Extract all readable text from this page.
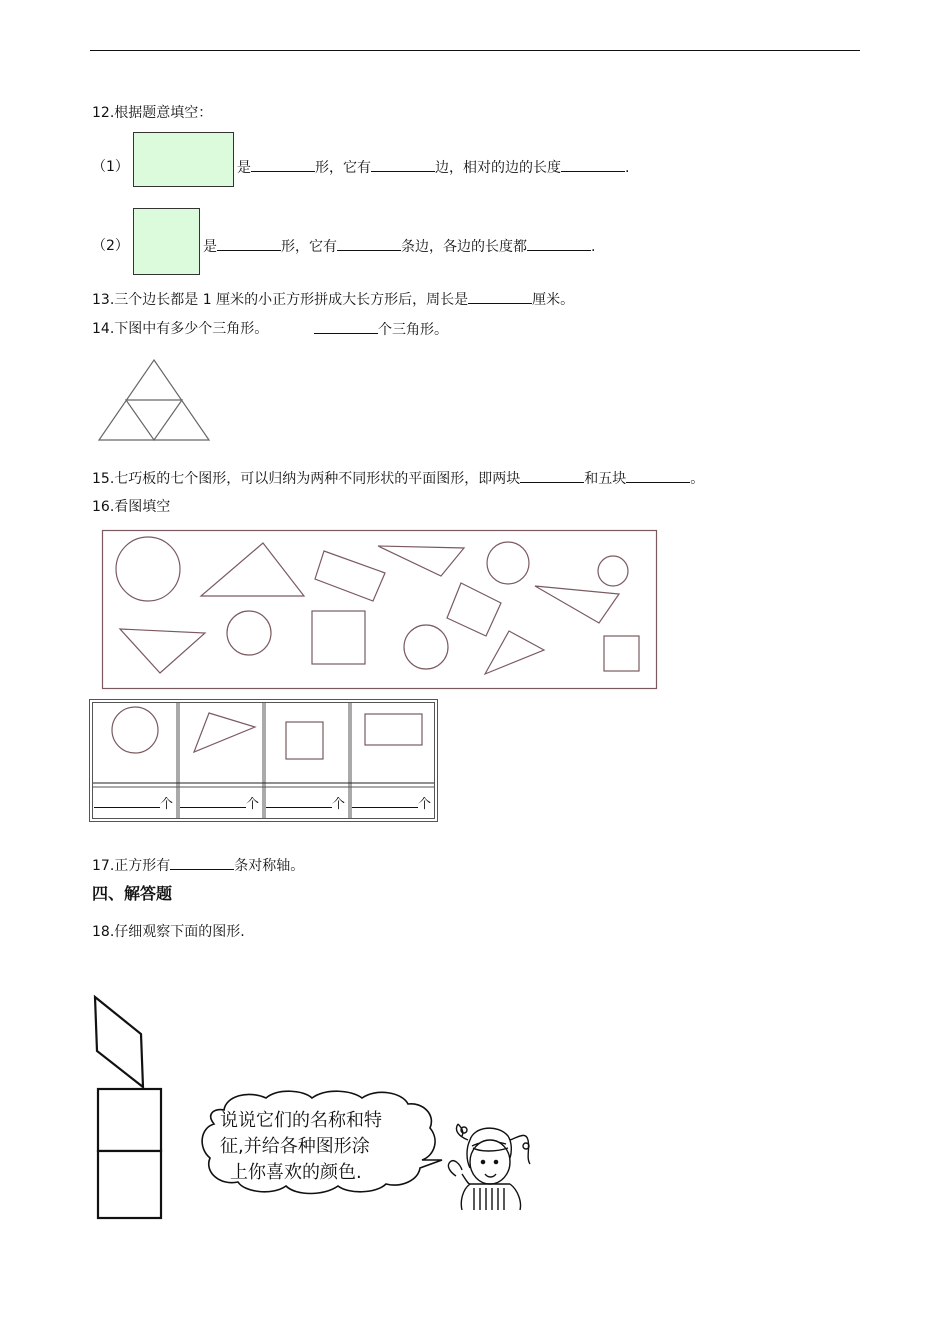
12.根据题意填空：
（1）	是	形，它有	边，相对的边的长度	.
（2）	是	形，它有	条边，各边的长度都	.
13.三个边长都是 1 厘米的小正方形拼成大长方形后，周长是	厘米。
14.下图中有多少个三角形。	个三角形。
15.七巧板的七个图形，可以归纳为两种不同形状的平面图形，即两块	和五块	。
16.看图填空
个	个	个	个
17.正方形有	条对称轴。
四、解答题
18.仔细观察下面的图形.
说说它们的名称和特
征,并给各种图形涂
上你喜欢的颜色.
